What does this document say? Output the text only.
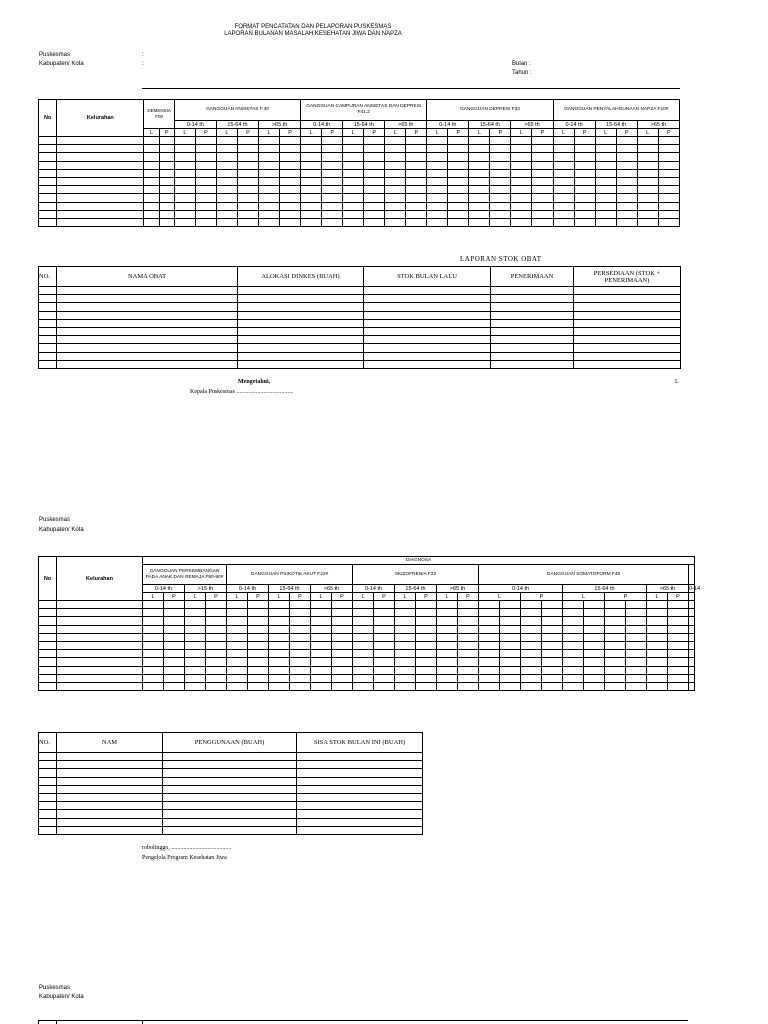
FORMAT PENCATATAN DAN PELAPORAN PUSKESMAS
LAPORAN BULANAN MASALAH KESEHATAN JIWA DAN NAPZA
Puskesmas	:
Kabupaten/ Kota	:	Bulan :
Tahun :
No	Kelurahan	DEMENSIA F00		GANGGUAN ANSIETAS F.40						GANGGUAN CAMPURAN ANSIETAS DAN DEPRESI F41.2						GANGGUAN DEPRESI F33						GANGGUAN PENYALAHGUNAAN NAPZA F10#					
				0-14 th		15-64 th		>65 th		0-14 th		15-64 th		>65 th		0-14 th		15-64 th		>65 th		0-14 th		15-64 th		>65 th	
		L	P	L	P	L	P	L	P	L	P	L	P	L	P	L	P	L	P	L	P	L	P	L	P	L	P

LAPORAN STOK OBAT
NO.	NAMA OBAT	ALOKASI DINKES (BUAH)	STOK BULAN LALU	PENERIMAAN	PERSEDIAAN (STOK + PENERIMAAN)

Mengetahui,
Kepala Puskesmas ......................................
L
Puskesmas
Kabupaten/ Kota
No	Kelurahan	DIAGNOSA																										
		GANGGUAN PERKEMBANGAN PADA ANAK DAN REMAJA F80-90#				GANGGUAN PSIKOTIK AKUT F23#						SKIZOFRENIA F22						GANGGUAN SOMATOFORM F45										
		0-14 th		>15 th		0-14 th		15-64 th		>65 th		0-14 th		15-64 th		>65 th		0-14 th				15-64 th				>65 th		0-14
		L	P	L	P	L	P	L	P	L	P	L	P	L	P	L	P	L		P		L		P		L	P	

NO.	NAM	PENGGUNAAN (BUAH)	SISA STOK BULAN INI (BUAH)

robolinggo, ........................................
Pengelola Program Kesehatan Jiwa
Puskesmas
Kabupaten/ Kota
